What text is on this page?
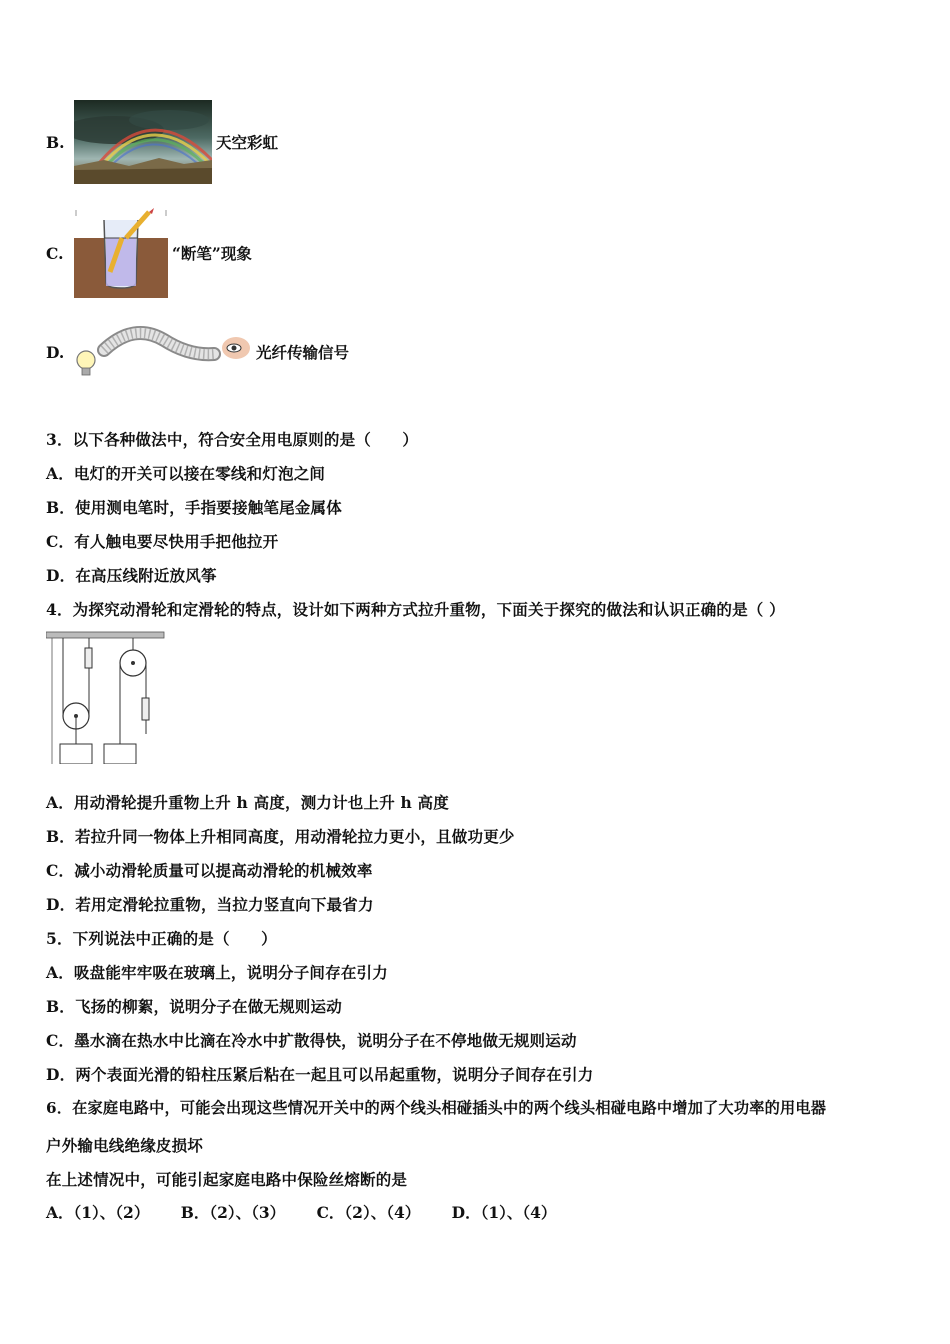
B.	天空彩虹
C.	“断笔”现象
D.	光纤传输信号
3．以下各种做法中，符合安全用电原则的是（　　）
A．电灯的开关可以接在零线和灯泡之间
B．使用测电笔时，手指要接触笔尾金属体
C．有人触电要尽快用手把他拉开
D．在高压线附近放风筝
4．为探究动滑轮和定滑轮的特点，设计如下两种方式拉升重物，下面关于探究的做法和认识正确的是（ ）
A．用动滑轮提升重物上升 h 高度，测力计也上升 h 高度
B．若拉升同一物体上升相同高度，用动滑轮拉力更小，且做功更少
C．减小动滑轮质量可以提高动滑轮的机械效率
D．若用定滑轮拉重物，当拉力竖直向下最省力
5．下列说法中正确的是（　　）
A．吸盘能牢牢吸在玻璃上，说明分子间存在引力
B．飞扬的柳絮，说明分子在做无规则运动
C．墨水滴在热水中比滴在冷水中扩散得快，说明分子在不停地做无规则运动
D．两个表面光滑的铅柱压紧后粘在一起且可以吊起重物，说明分子间存在引力
6．在家庭电路中，可能会出现这些情况开关中的两个线头相碰插头中的两个线头相碰电路中增加了大功率的用电器
户外输电线绝缘皮损坏
在上述情况中，可能引起家庭电路中保险丝熔断的是
A．（1）、（2） B．（2）、（3） C．（2）、（4） D．（1）、（4）
